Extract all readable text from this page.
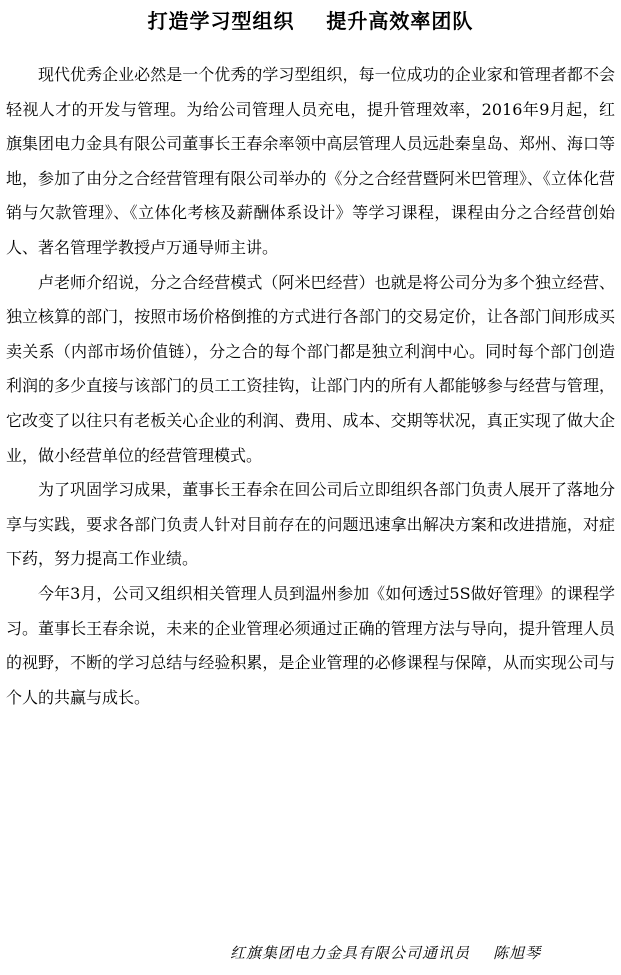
打造学习型组织    提升高效率团队

现代优秀企业必然是一个优秀的学习型组织，每一位成功的企业家和管理者都不会轻视人才的开发与管理。为给公司管理人员充电，提升管理效率，2016年9月起，红旗集团电力金具有限公司董事长王春余率领中高层管理人员远赴秦皇岛、郑州、海口等地，参加了由分之合经营管理有限公司举办的《分之合经营暨阿米巴管理》、《立体化营销与欠款管理》、《立体化考核及薪酬体系设计》等学习课程，课程由分之合经营创始人、著名管理学教授卢万通导师主讲。

卢老师介绍说，分之合经营模式（阿米巴经营）也就是将公司分为多个独立经营、独立核算的部门，按照市场价格倒推的方式进行各部门的交易定价，让各部门间形成买卖关系（内部市场价值链），分之合的每个部门都是独立利润中心。同时每个部门创造利润的多少直接与该部门的员工工资挂钩，让部门内的所有人都能够参与经营与管理，它改变了以往只有老板关心企业的利润、费用、成本、交期等状况，真正实现了做大企业，做小经营单位的经营管理模式。

为了巩固学习成果，董事长王春余在回公司后立即组织各部门负责人展开了落地分享与实践，要求各部门负责人针对目前存在的问题迅速拿出解决方案和改进措施，对症下药，努力提高工作业绩。

今年3月，公司又组织相关管理人员到温州参加《如何透过5S做好管理》的课程学习。董事长王春余说，未来的企业管理必须通过正确的管理方法与导向，提升管理人员的视野，不断的学习总结与经验积累，是企业管理的必修课程与保障，从而实现公司与个人的共赢与成长。

红旗集团电力金具有限公司通讯员    陈旭琴
